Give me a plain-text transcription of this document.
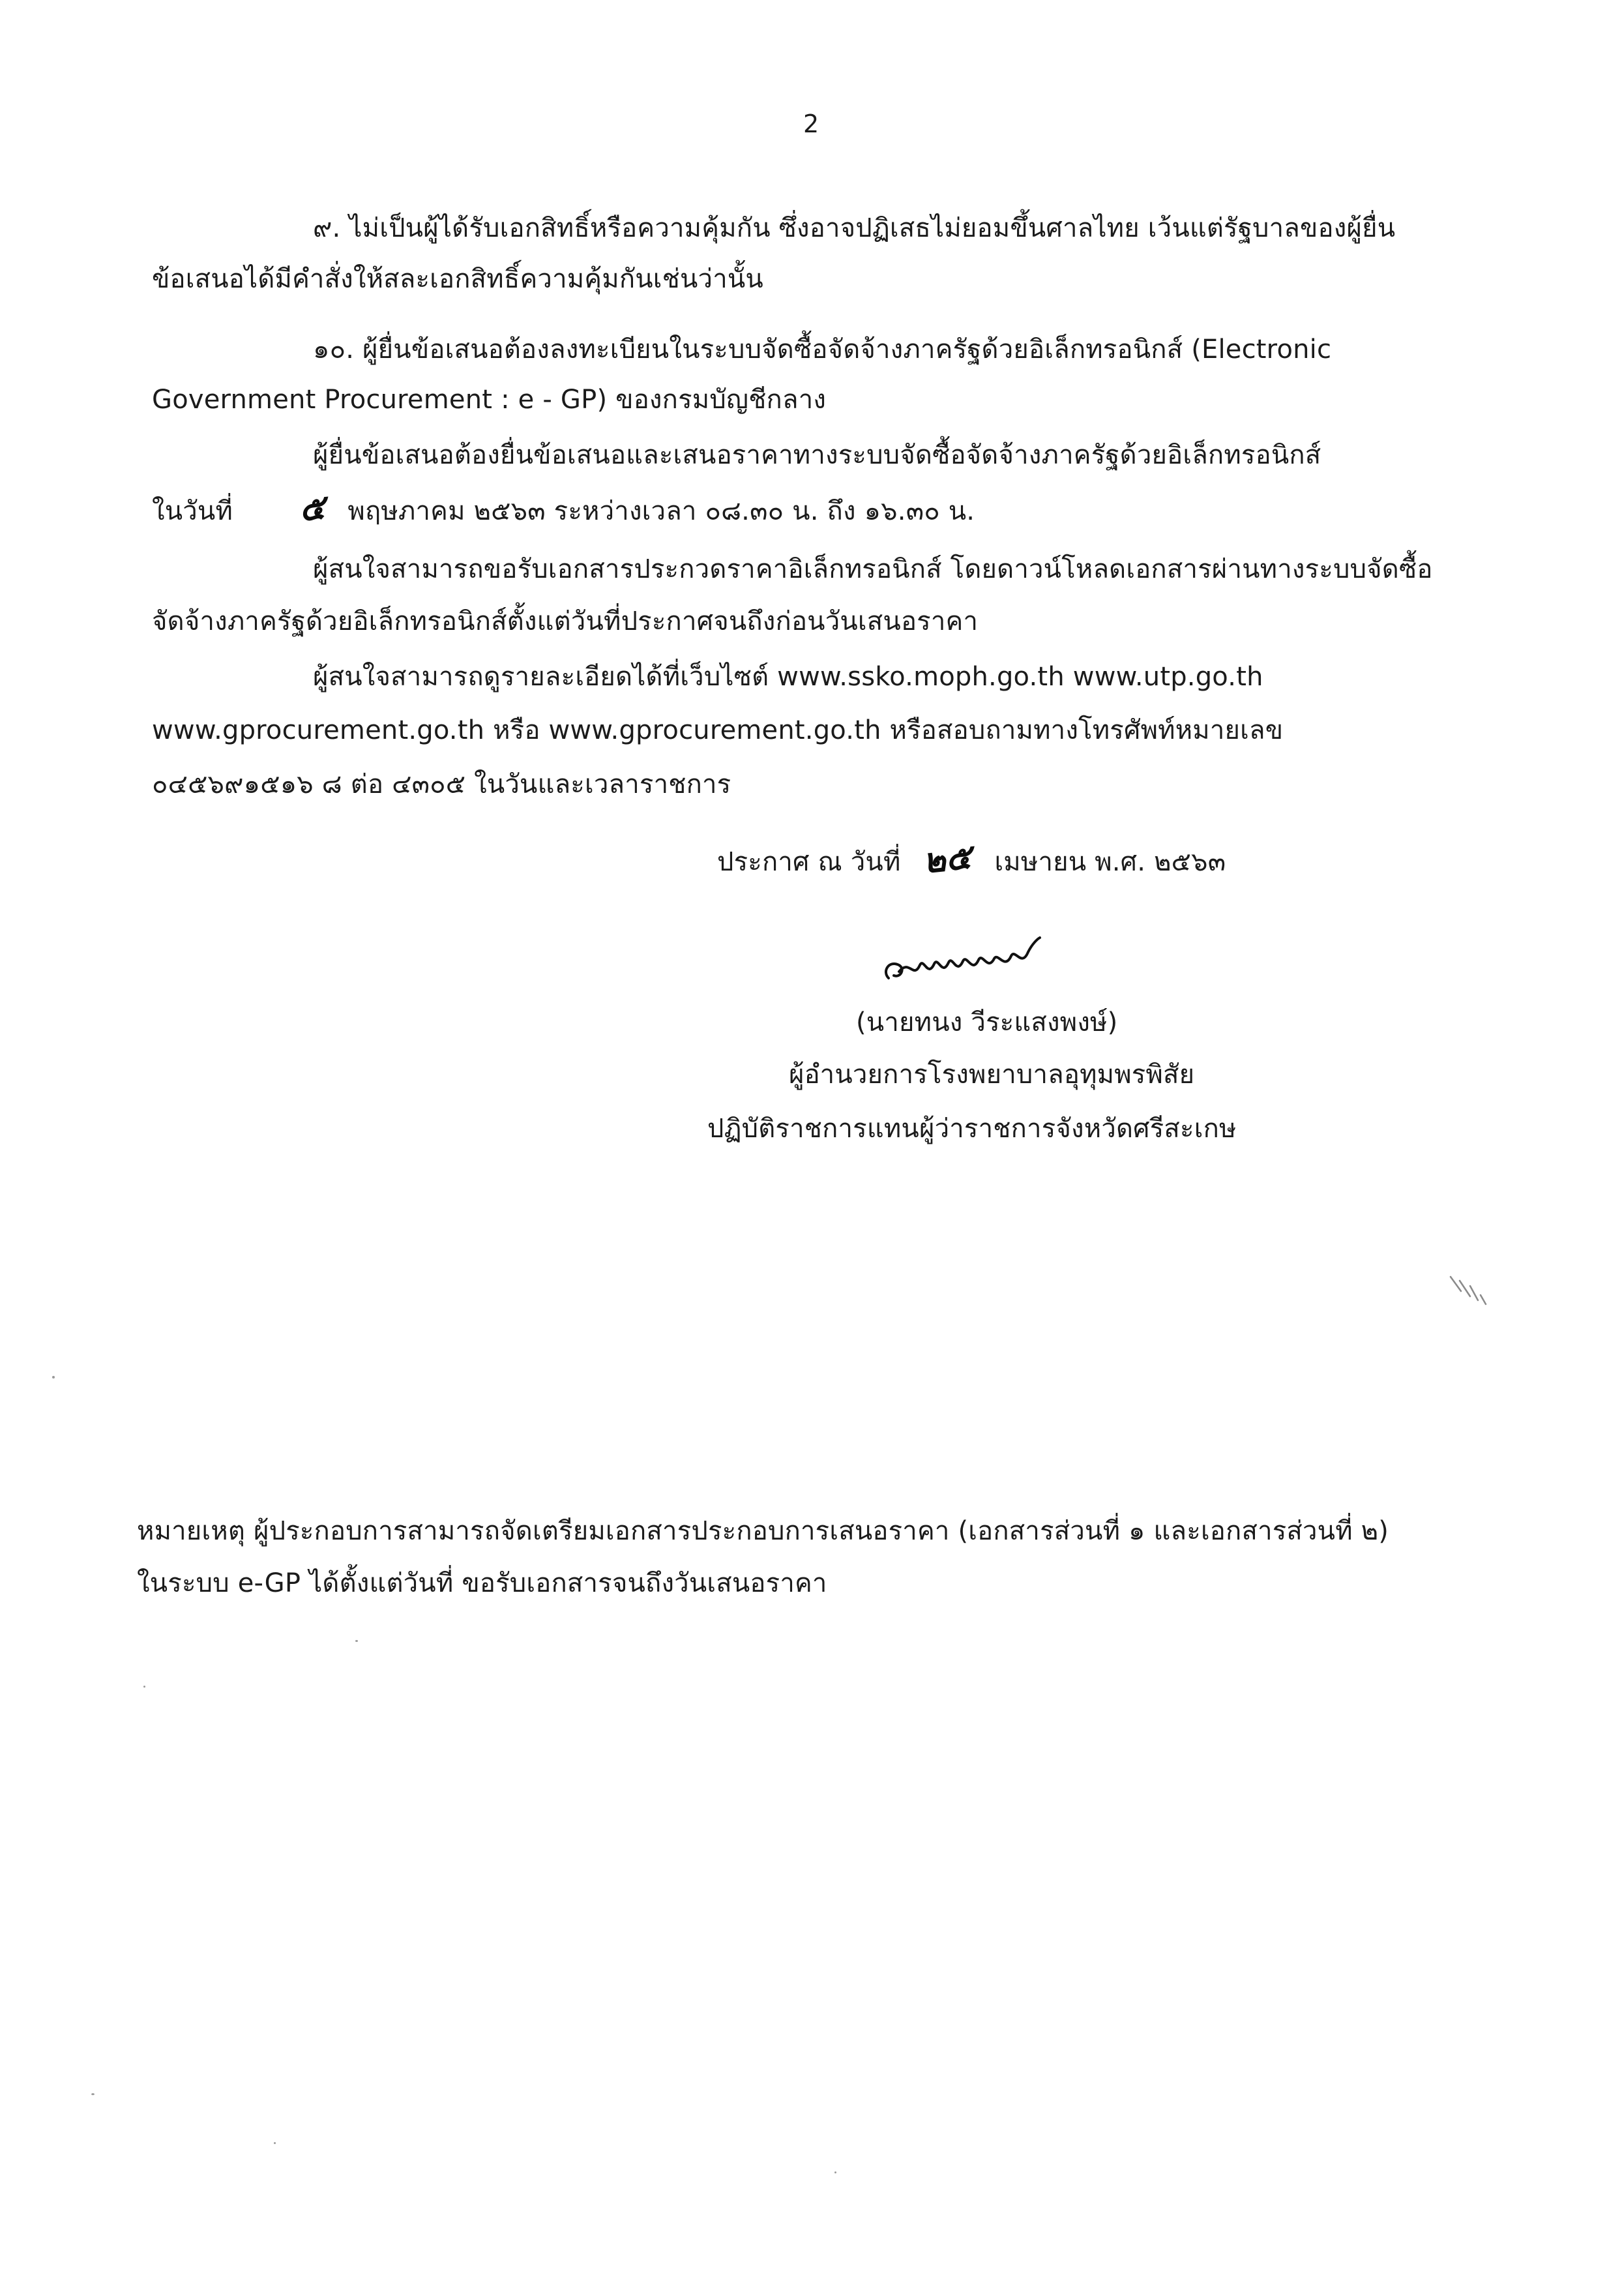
2
๙. ไม่เป็นผู้ได้รับเอกสิทธิ์หรือความคุ้มกัน ซึ่งอาจปฏิเสธไม่ยอมขึ้นศาลไทย เว้นแต่รัฐบาลของผู้ยื่น
ข้อเสนอได้มีคำสั่งให้สละเอกสิทธิ์ความคุ้มกันเช่นว่านั้น
๑๐. ผู้ยื่นข้อเสนอต้องลงทะเบียนในระบบจัดซื้อจัดจ้างภาครัฐด้วยอิเล็กทรอนิกส์ (Electronic
Government Procurement : e - GP) ของกรมบัญชีกลาง
ผู้ยื่นข้อเสนอต้องยื่นข้อเสนอและเสนอราคาทางระบบจัดซื้อจัดจ้างภาครัฐด้วยอิเล็กทรอนิกส์
ในวันที่ ๕ พฤษภาคม ๒๕๖๓ ระหว่างเวลา ๐๘.๓๐ น. ถึง ๑๖.๓๐ น.
ผู้สนใจสามารถขอรับเอกสารประกวดราคาอิเล็กทรอนิกส์ โดยดาวน์โหลดเอกสารผ่านทางระบบจัดซื้อ
จัดจ้างภาครัฐด้วยอิเล็กทรอนิกส์ตั้งแต่วันที่ประกาศจนถึงก่อนวันเสนอราคา
ผู้สนใจสามารถดูรายละเอียดได้ที่เว็บไซต์ www.ssko.moph.go.th www.utp.go.th
www.gprocurement.go.th หรือ www.gprocurement.go.th หรือสอบถามทางโทรศัพท์หมายเลข
๐๔๕๖๙๑๕๑๖ ๘ ต่อ ๔๓๐๕ ในวันและเวลาราชการ
ประกาศ ณ วันที่ ๒๕ เมษายน พ.ศ. ๒๕๖๓
(นายทนง วีระแสงพงษ์)
ผู้อำนวยการโรงพยาบาลอุทุมพรพิสัย
ปฏิบัติราชการแทนผู้ว่าราชการจังหวัดศรีสะเกษ
หมายเหตุ ผู้ประกอบการสามารถจัดเตรียมเอกสารประกอบการเสนอราคา (เอกสารส่วนที่ ๑ และเอกสารส่วนที่ ๒)
ในระบบ e-GP ได้ตั้งแต่วันที่ ขอรับเอกสารจนถึงวันเสนอราคา
